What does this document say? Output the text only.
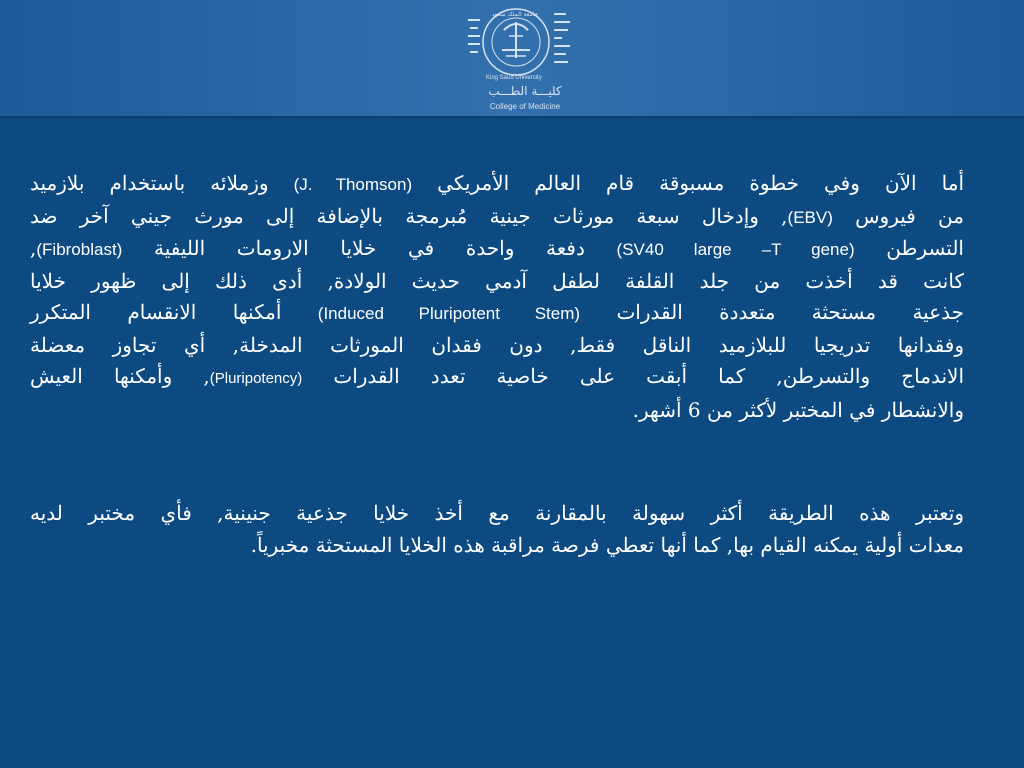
جامعة الملك سعود
King Saud University
كليـــة الطـــب
College of Medicine

أما الآن وفي خطوة مسبوقة قام العالم الأمريكي (J. Thomson) وزملائه باستخدام بلازميد
من فيروس (EBV), وإدخال سبعة مورثات جينية مُبرمجة بالإضافة إلى مورث جيني آخر ضد
التسرطن (SV40 large –T gene) دفعة واحدة في خلايا الارومات الليفية (Fibroblast),
كانت قد أخذت من جلد القلفة لطفل آدمي حديث الولادة, أدى ذلك إلى ظهور خلايا
جذعية مستحثة متعددة القدرات (Induced Pluripotent Stem) أمكنها الانقسام المتكرر
وفقدانها تدريجيا للبلازميد الناقل فقط, دون فقدان المورثات المدخلة, أي تجاوز معضلة
الاندماج والتسرطن, كما أبقت على خاصية تعدد القدرات (Pluripotency), وأمكنها العيش
والانشطار في المختبر لأكثر من 6 أشهر.

وتعتبر هذه الطريقة أكثر سهولة بالمقارنة مع أخذ خلايا جذعية جنينية, فأي مختبر لديه
معدات أولية يمكنه القيام بها, كما أنها تعطي فرصة مراقبة هذه الخلايا المستحثة مخبرياً.
